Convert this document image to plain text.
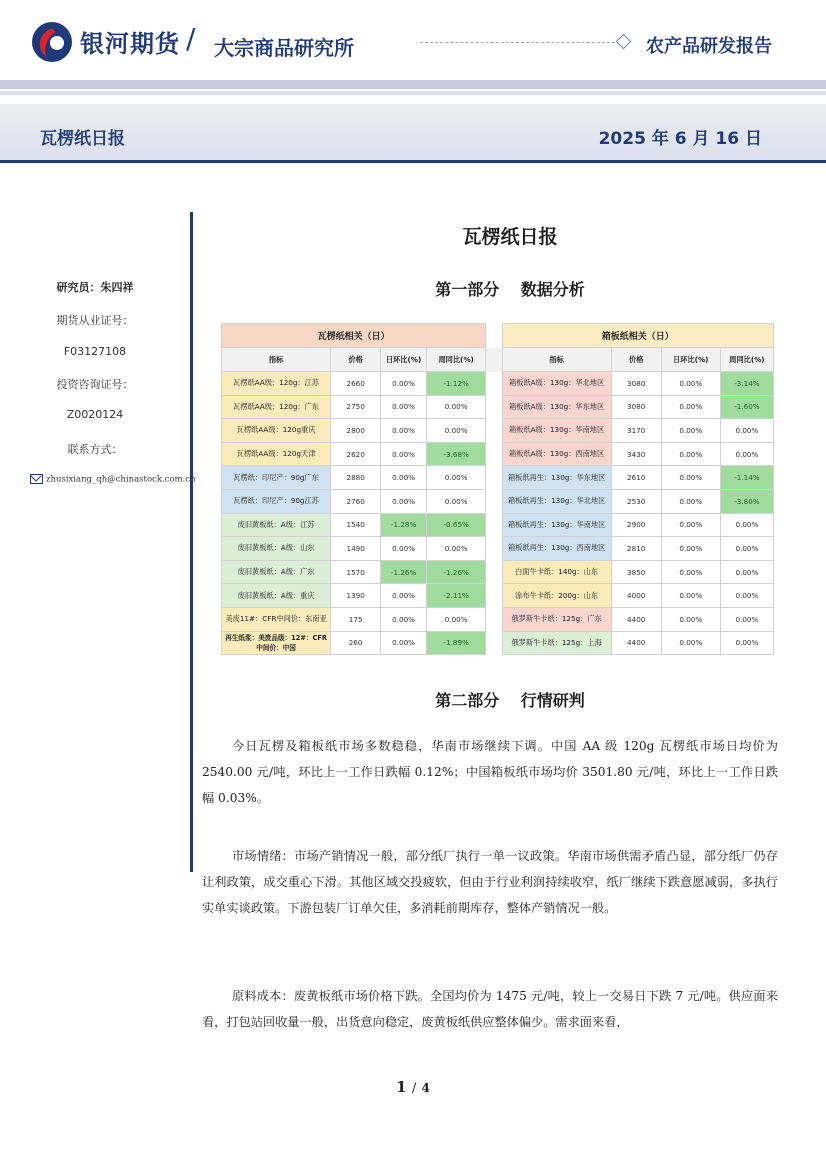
银河期货 / 大宗商品研究所	农产品研发报告
瓦楞纸日报	2025 年 6 月 16 日
研究员：朱四祥
期货从业证号：
F03127108
投资咨询证号：
Z0020124
联系方式：
zhusixiang_qh@chinastock.com.cn
瓦楞纸日报
第一部分　 数据分析
瓦楞纸相关（日）					箱板纸相关（日）			
指标	价格	日环比(%)	周同比(%)		指标	价格	日环比(%)	周同比(%)
瓦楞纸AA级：120g：江苏	2660	0.00%	-1.12%		箱板纸A级：130g：华北地区	3080	0.00%	-3.14%
瓦楞纸AA级：120g：广东	2750	0.00%	0.00%		箱板纸A级：130g：华东地区	3080	0.00%	-1.60%
瓦楞纸AA级：120g重庆	2800	0.00%	0.00%		箱板纸A级：130g：华南地区	3170	0.00%	0.00%
瓦楞纸AA级：120g天津	2620	0.00%	-3.68%		箱板纸A级：130g：西南地区	3430	0.00%	0.00%
瓦楞纸：印尼产：90g广东	2880	0.00%	0.00%		箱板纸再生：130g：华东地区	2610	0.00%	-1.14%
瓦楞纸：印尼产：90g江苏	2760	0.00%	0.00%		箱板纸再生：130g：华北地区	2530	0.00%	-3.80%
废旧黄板纸：A级：江苏	1540	-1.28%	-0.65%		箱板纸再生：130g：华南地区	2900	0.00%	0.00%
废旧黄板纸：A级：山东	1490	0.00%	0.00%		箱板纸再生：130g：西南地区	2810	0.00%	0.00%
废旧黄板纸：A级：广东	1570	-1.26%	-1.26%		白面牛卡纸：140g：山东	3850	0.00%	0.00%
废旧黄板纸：A级：重庆	1390	0.00%	-2.11%		涂布牛卡纸：200g：山东	4000	0.00%	0.00%
美废11#：CFR中间价：东南亚	175	0.00%	0.00%		俄罗斯牛卡纸：125g：广东	4400	0.00%	0.00%
再生纸浆：美废品级：12#：CFR中间价：中国	260	0.00%	-1.89%		俄罗斯牛卡纸：125g：上海	4400	0.00%	0.00%
第二部分　 行情研判

今日瓦楞及箱板纸市场多数稳稳，华南市场继续下调。中国 AA 级 120g 瓦楞纸市场日均价为 2540.00 元/吨，环比上一工作日跌幅 0.12%；中国箱板纸市场均价 3501.80 元/吨，环比上一工作日跌幅 0.03%。

市场情绪：市场产销情况一般，部分纸厂执行一单一议政策。华南市场供需矛盾凸显，部分纸厂仍存让利政策，成交重心下滑。其他区域交投疲软，但由于行业利润持续收窄，纸厂继续下跌意愿减弱，多执行实单实谈政策。下游包装厂订单欠佳，多消耗前期库存，整体产销情况一般。

原料成本：废黄板纸市场价格下跌。全国均价为 1475 元/吨，较上一交易日下跌 7 元/吨。供应面来看，打包站回收量一般，出货意向稳定，废黄板纸供应整体偏少。需求面来看，

1 / 4
